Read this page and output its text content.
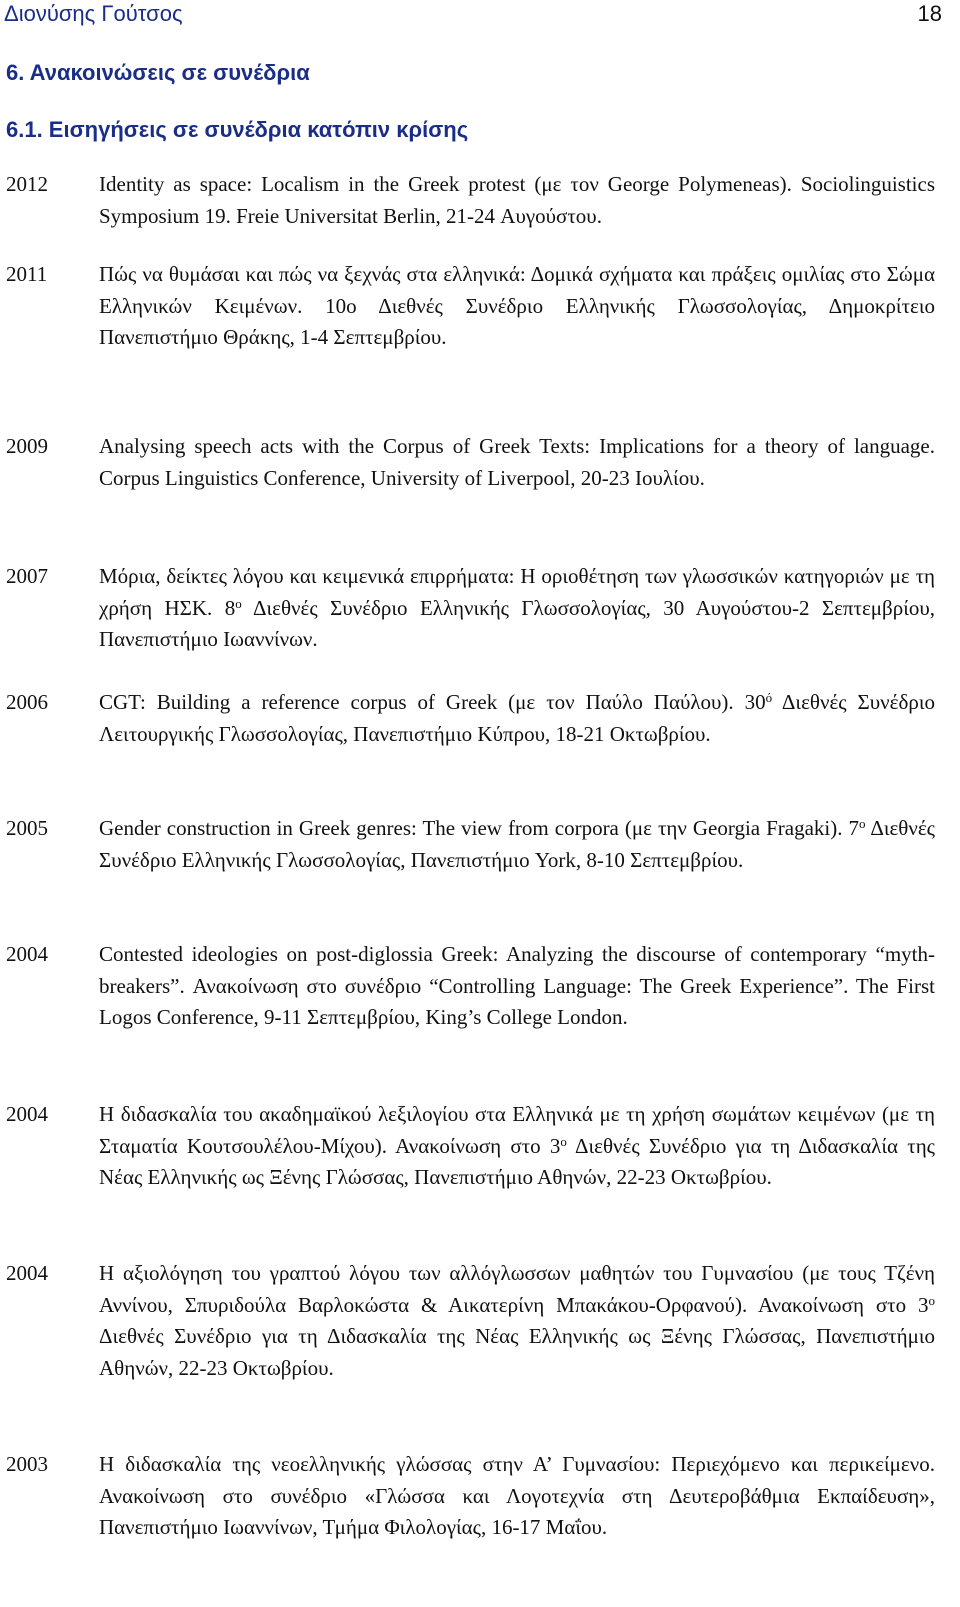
Διονύσης Γούτσος	18
6. Ανακοινώσεις σε συνέδρια
6.1. Εισηγήσεις σε συνέδρια κατόπιν κρίσης
2012	Identity as space: Localism in the Greek protest (με τον George Polymeneas). Sociolinguistics Symposium 19. Freie Universitat Berlin, 21-24 Αυγούστου.
2011	Πώς να θυμάσαι και πώς να ξεχνάς στα ελληνικά: Δομικά σχήματα και πράξεις ομιλίας στο Σώμα Ελληνικών Κειμένων. 10ο Διεθνές Συνέδριο Ελληνικής Γλωσσολογίας, Δημοκρίτειο Πανεπιστήμιο Θράκης, 1-4 Σεπτεμβρίου.
2009	Analysing speech acts with the Corpus of Greek Texts: Implications for a theory of language. Corpus Linguistics Conference, University of Liverpool, 20-23 Ιουλίου.
2007	Μόρια, δείκτες λόγου και κειμενικά επιρρήματα: Η οριοθέτηση των γλωσσικών κατηγοριών με τη χρήση ΗΣΚ. $8^o$ Διεθνές Συνέδριο Ελληνικής Γλωσσολογίας, 30 Αυγούστου-2 Σεπτεμβρίου, Πανεπιστήμιο Ιωαννίνων.
2006	CGT: Building a reference corpus of Greek (με τον Παύλο Παύλου). $30^ό$ Διεθνές Συνέδριο Λειτουργικής Γλωσσολογίας, Πανεπιστήμιο Κύπρου, 18-21 Οκτωβρίου.
2005	Gender construction in Greek genres: The view from corpora (με την Georgia Fragaki). $7^o$ Διεθνές Συνέδριο Ελληνικής Γλωσσολογίας, Πανεπιστήμιο York, 8-10 Σεπτεμβρίου.
2004	Contested ideologies on post-diglossia Greek: Analyzing the discourse of contemporary “myth-breakers”. Ανακοίνωση στο συνέδριο “Controlling Language: The Greek Experience”. The First Logos Conference, 9-11 Σεπτεμβρίου, King’s College London.
2004	Η διδασκαλία του ακαδημαϊκού λεξιλογίου στα Ελληνικά με τη χρήση σωμάτων κειμένων (με τη Σταματία Κουτσουλέλου-Μίχου). Ανακοίνωση στο $3^o$ Διεθνές Συνέδριο για τη Διδασκαλία της Νέας Ελληνικής ως Ξένης Γλώσσας, Πανεπιστήμιο Αθηνών, 22-23 Οκτωβρίου.
2004	Η αξιολόγηση του γραπτού λόγου των αλλόγλωσσων μαθητών του Γυμνασίου (με τους Τζένη Αννίνου, Σπυριδούλα Βαρλοκώστα & Αικατερίνη Μπακάκου-Ορφανού). Ανακοίνωση στο $3^o$ Διεθνές Συνέδριο για τη Διδασκαλία της Νέας Ελληνικής ως Ξένης Γλώσσας, Πανεπιστήμιο Αθηνών, 22-23 Οκτωβρίου.
2003	Η διδασκαλία της νεοελληνικής γλώσσας στην Α’ Γυμνασίου: Περιεχόμενο και περικείμενο. Ανακοίνωση στο συνέδριο «Γλώσσα και Λογοτεχνία στη Δευτεροβάθμια Εκπαίδευση», Πανεπιστήμιο Ιωαννίνων, Τμήμα Φιλολογίας, 16-17 Μαΐου.
